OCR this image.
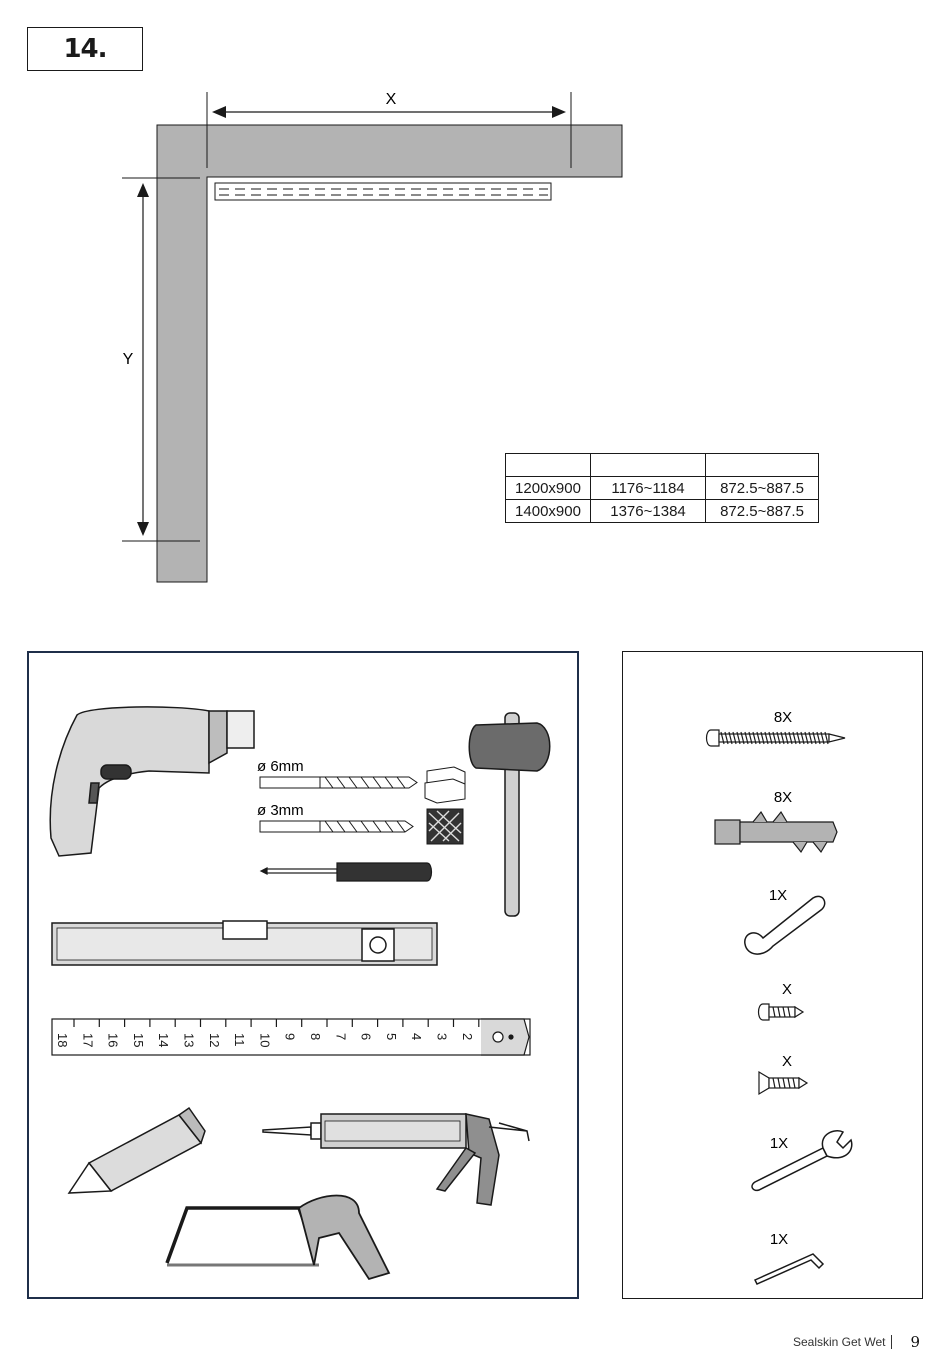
14.
X
Y

1200x900	1176~1184	872.5~887.5
1400x900	1376~1384	872.5~887.5
ø 6mm
ø 3mm
18 17 16 15 14 13 12 11 10 9 8 7 6 5 4 3 2
8X
8X
1X
X
X
1X
1X
Sealskin Get Wet 9
